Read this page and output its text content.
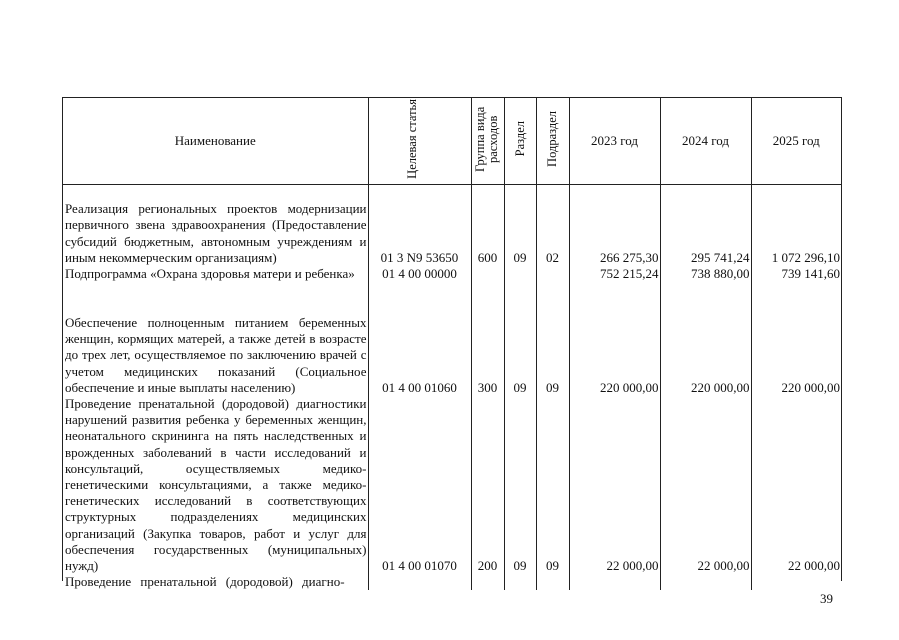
Наименование	Целевая статья	Группа вида расходов	Раздел	Подраздел	2023 год	2024 год	2025 год
Реализация региональных проектов модернизации первичного звена здравоохранения (Предоставление субсидий бюджетным, автономным учреждениям и иным некоммерческим организациям)	01 3 N9 53650	600	09	02	266 275,30	295 741,24	1 072 296,10
Подпрограмма «Охрана здоровья матери и ребенка»	01 4 00 00000				752 215,24	738 880,00	739 141,60
Обеспечение полноценным питанием беременных женщин, кормящих матерей, а также детей в возрасте до трех лет, осуществляемое по заключению врачей с учетом медицинских показаний (Социальное обеспечение и иные выплаты населению)	01 4 00 01060	300	09	09	220 000,00	220 000,00	220 000,00
Проведение пренатальной (дородовой) диагностики нарушений развития ребенка у беременных женщин, неонатального скрининга на пять наследственных и врожденных заболеваний в части исследований и консультаций, осуществляемых медико-генетическими консультациями, а также медико-генетических исследований в соответствующих структурных подразделениях медицинских организаций (Закупка товаров, работ и услуг для обеспечения государственных (муниципальных) нужд)	01 4 00 01070	200	09	09	22 000,00	22 000,00	22 000,00
Проведение пренатальной (дородовой) диагно-							
39
